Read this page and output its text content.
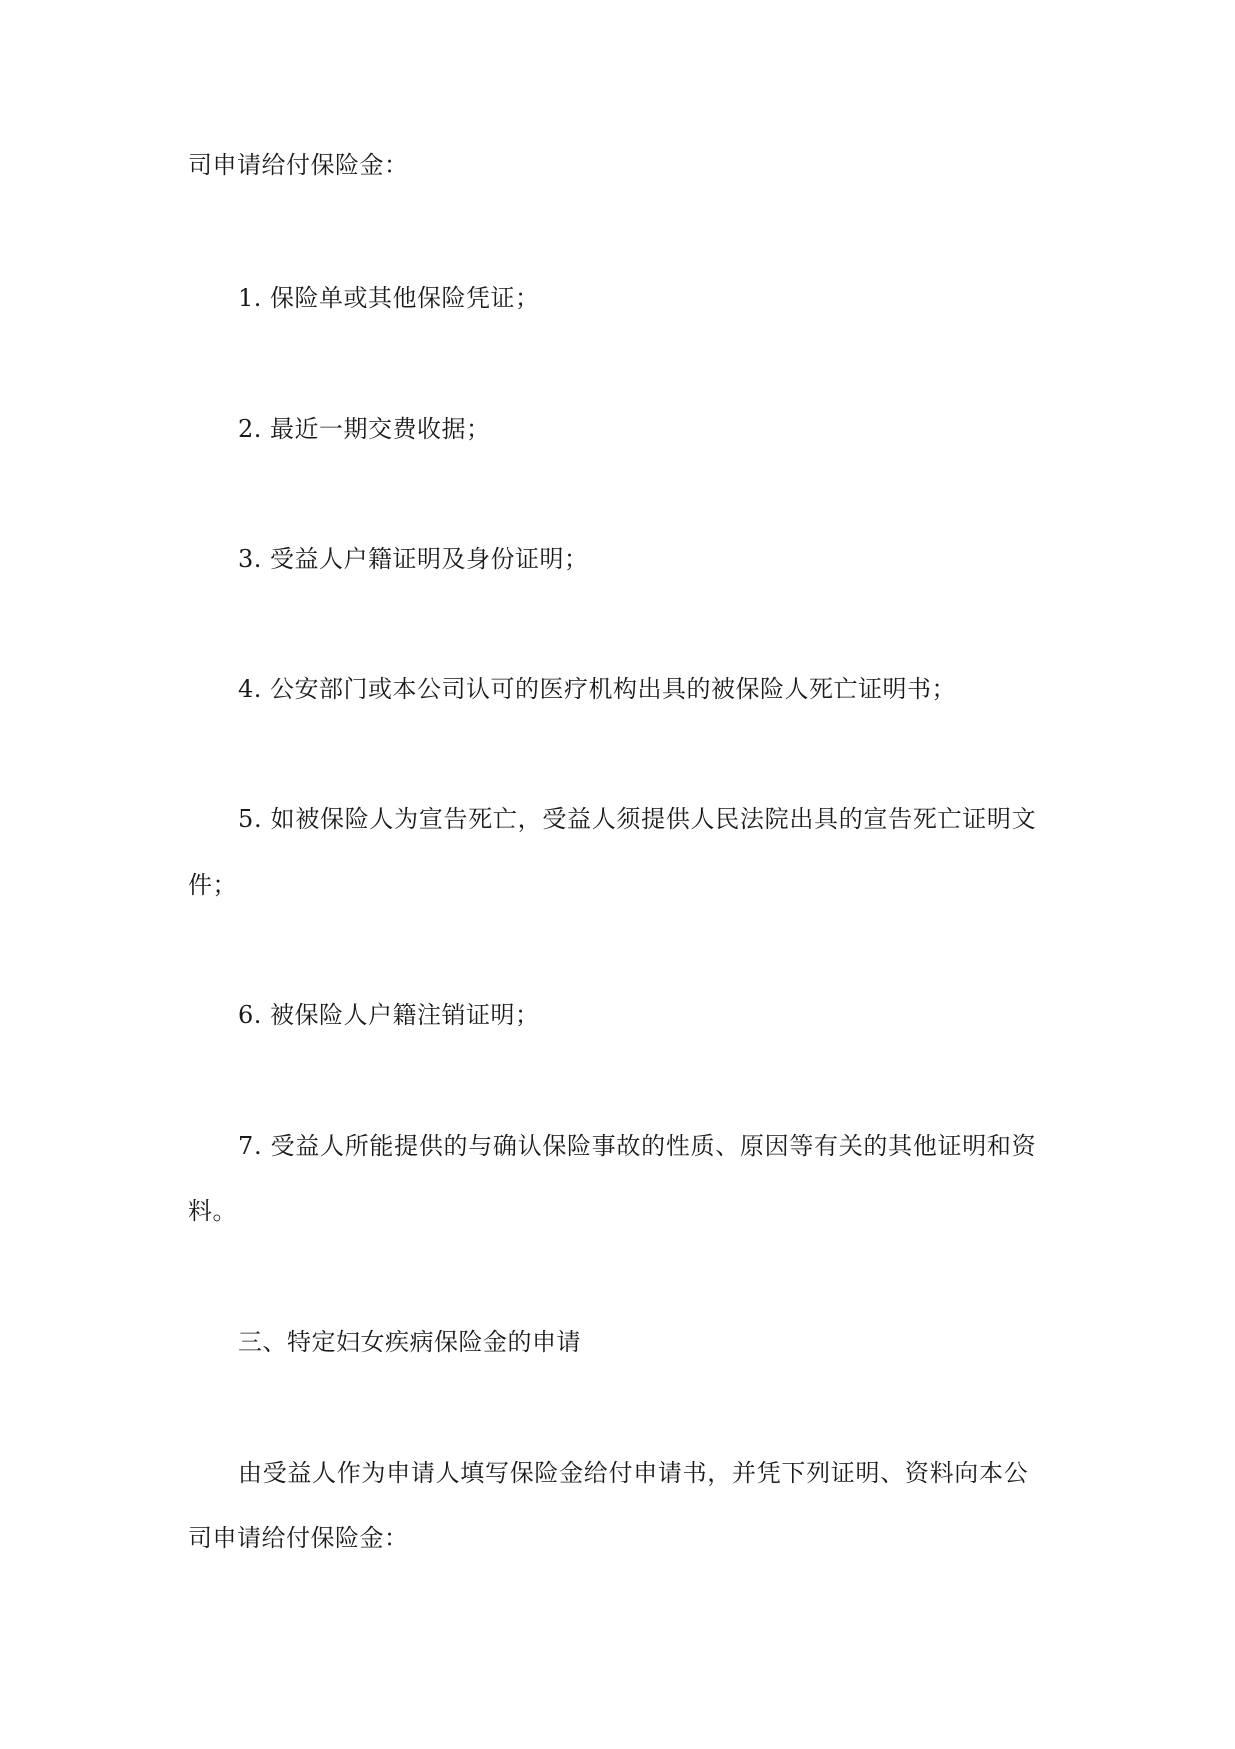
司申请给付保险金：
1. 保险单或其他保险凭证；
2. 最近一期交费收据；
3. 受益人户籍证明及身份证明；
4. 公安部门或本公司认可的医疗机构出具的被保险人死亡证明书；
5. 如被保险人为宣告死亡，受益人须提供人民法院出具的宣告死亡证明文
件；
6. 被保险人户籍注销证明；
7. 受益人所能提供的与确认保险事故的性质、原因等有关的其他证明和资
料。
三、特定妇女疾病保险金的申请
由受益人作为申请人填写保险金给付申请书，并凭下列证明、资料向本公
司申请给付保险金：
